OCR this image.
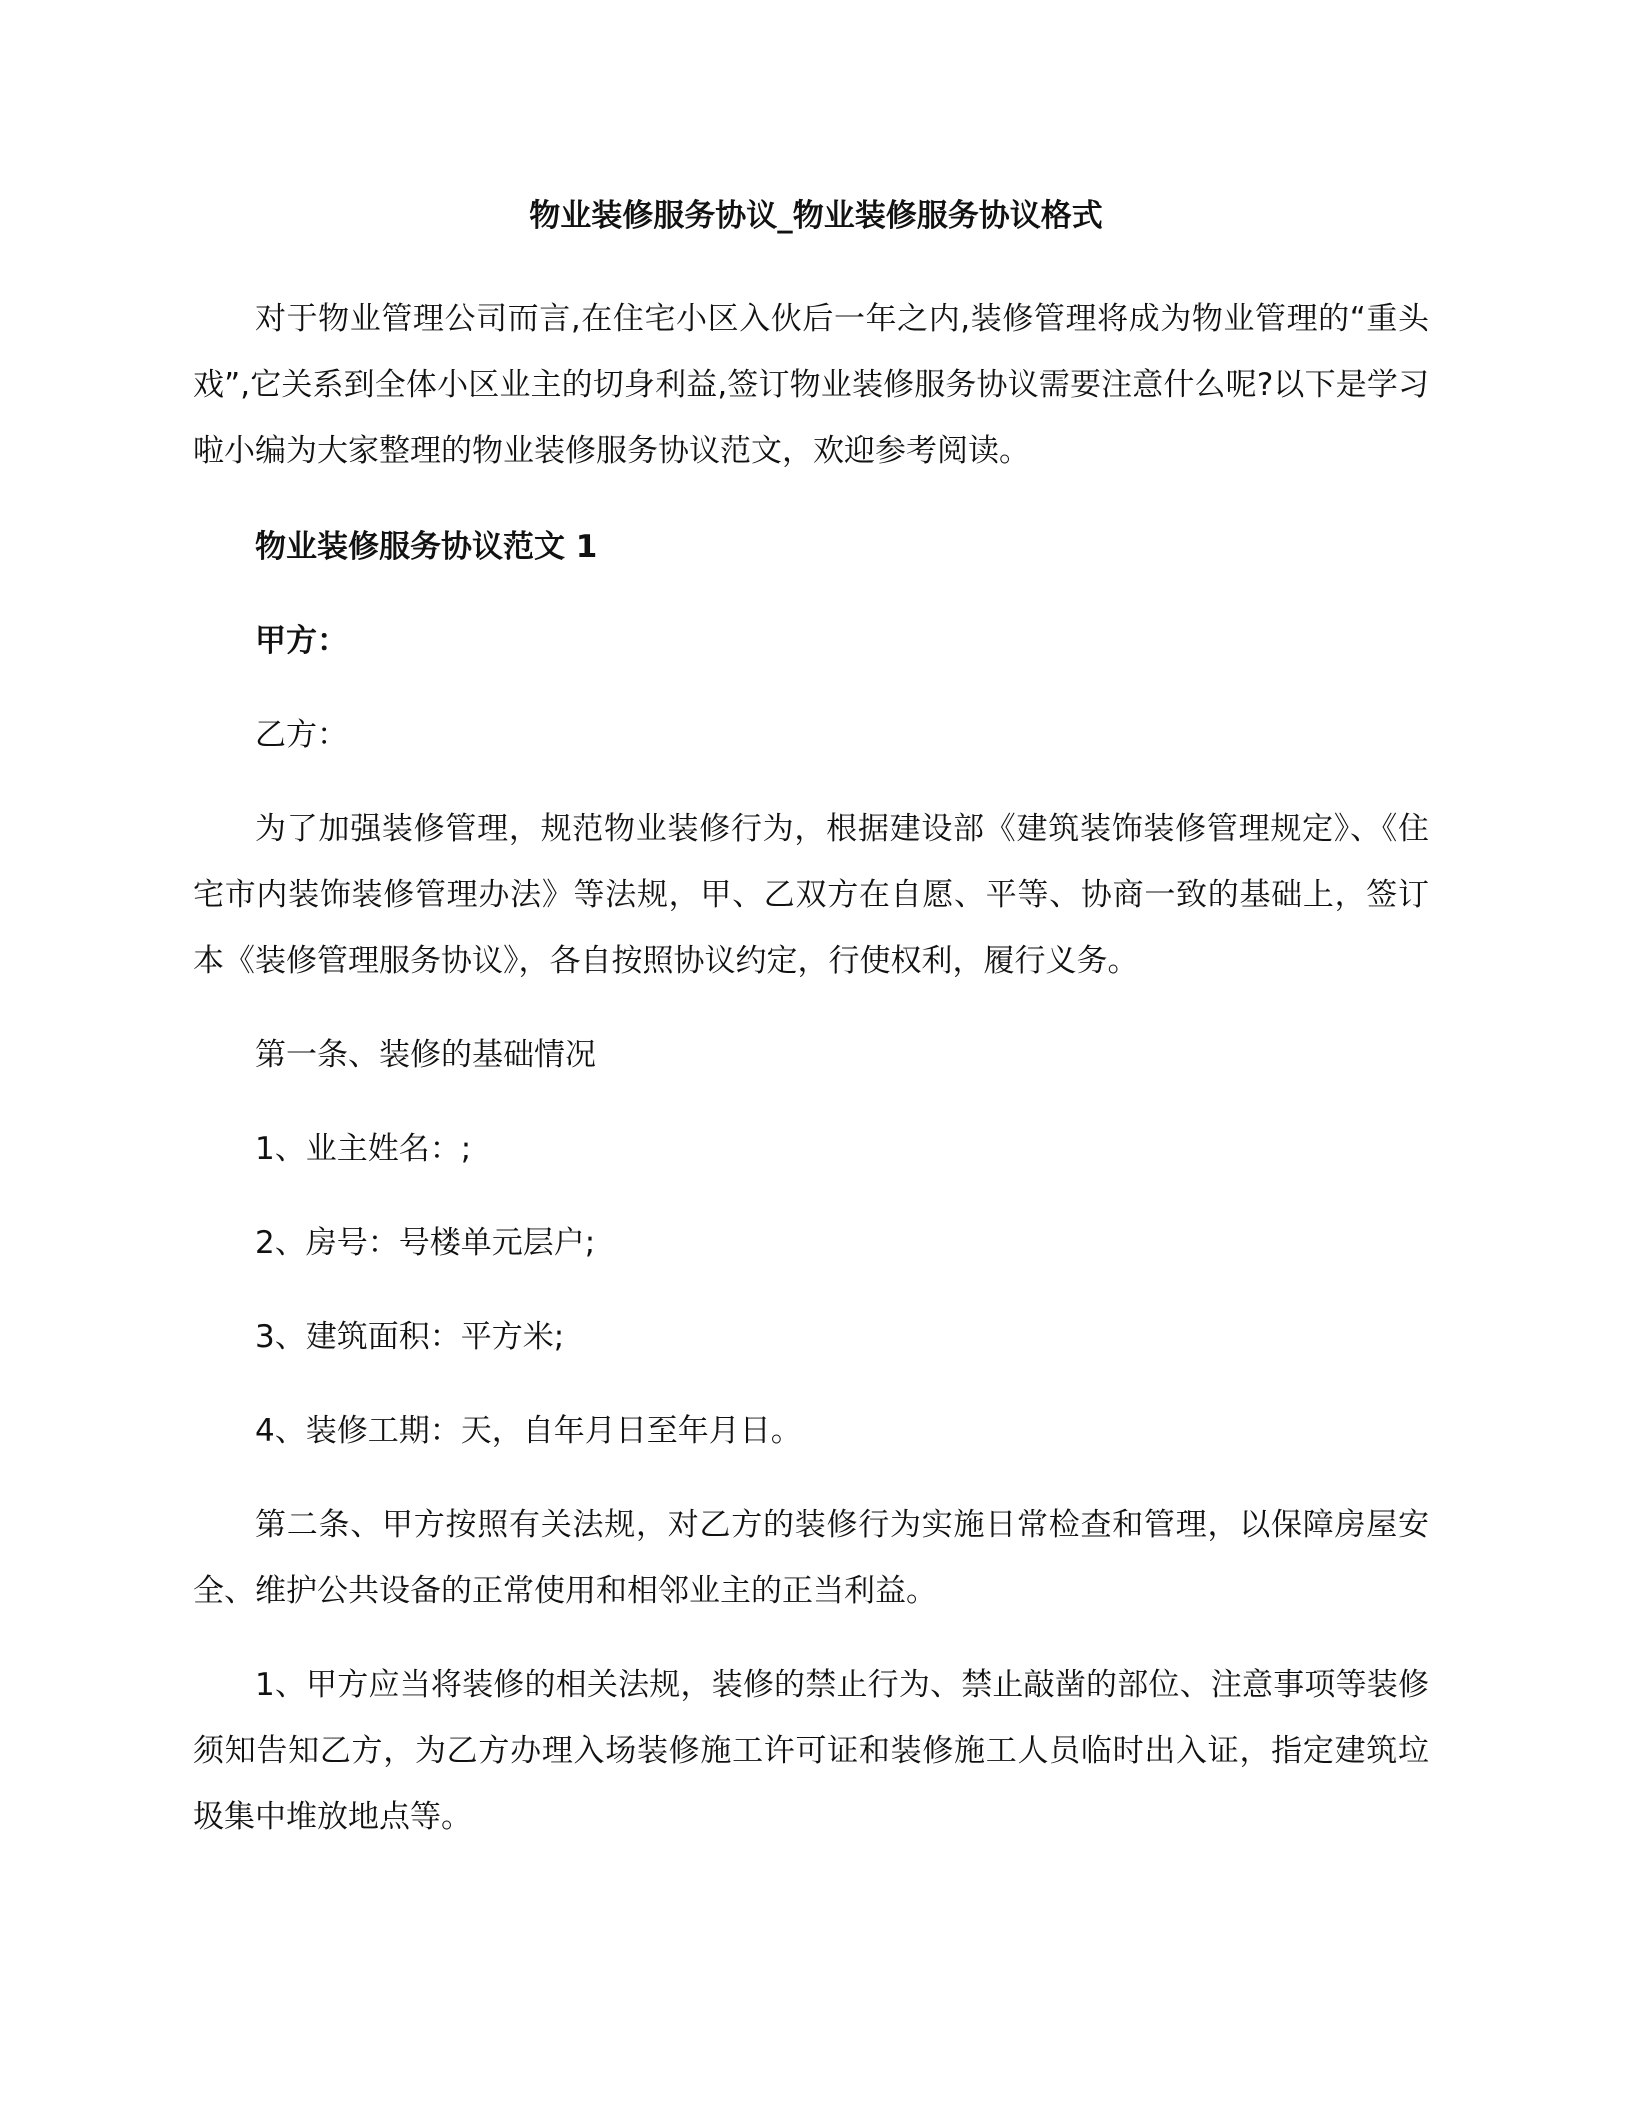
物业装修服务协议_物业装修服务协议格式

对于物业管理公司而言,在住宅小区入伙后一年之内,装修管理将成为物业管理的“重头戏”,它关系到全体小区业主的切身利益,签订物业装修服务协议需要注意什么呢?以下是学习啦小编为大家整理的物业装修服务协议范文，欢迎参考阅读。

物业装修服务协议范文 1

甲方：

乙方：

为了加强装修管理，规范物业装修行为，根据建设部《建筑装饰装修管理规定》、《住宅市内装饰装修管理办法》等法规，甲、乙双方在自愿、平等、协商一致的基础上，签订本《装修管理服务协议》，各自按照协议约定，行使权利，履行义务。

第一条、装修的基础情况

1、业主姓名：;

2、房号：号楼单元层户;

3、建筑面积：平方米;

4、装修工期：天，自年月日至年月日。

第二条、甲方按照有关法规，对乙方的装修行为实施日常检查和管理，以保障房屋安全、维护公共设备的正常使用和相邻业主的正当利益。

1、甲方应当将装修的相关法规，装修的禁止行为、禁止敲凿的部位、注意事项等装修须知告知乙方，为乙方办理入场装修施工许可证和装修施工人员临时出入证，指定建筑垃圾集中堆放地点等。
